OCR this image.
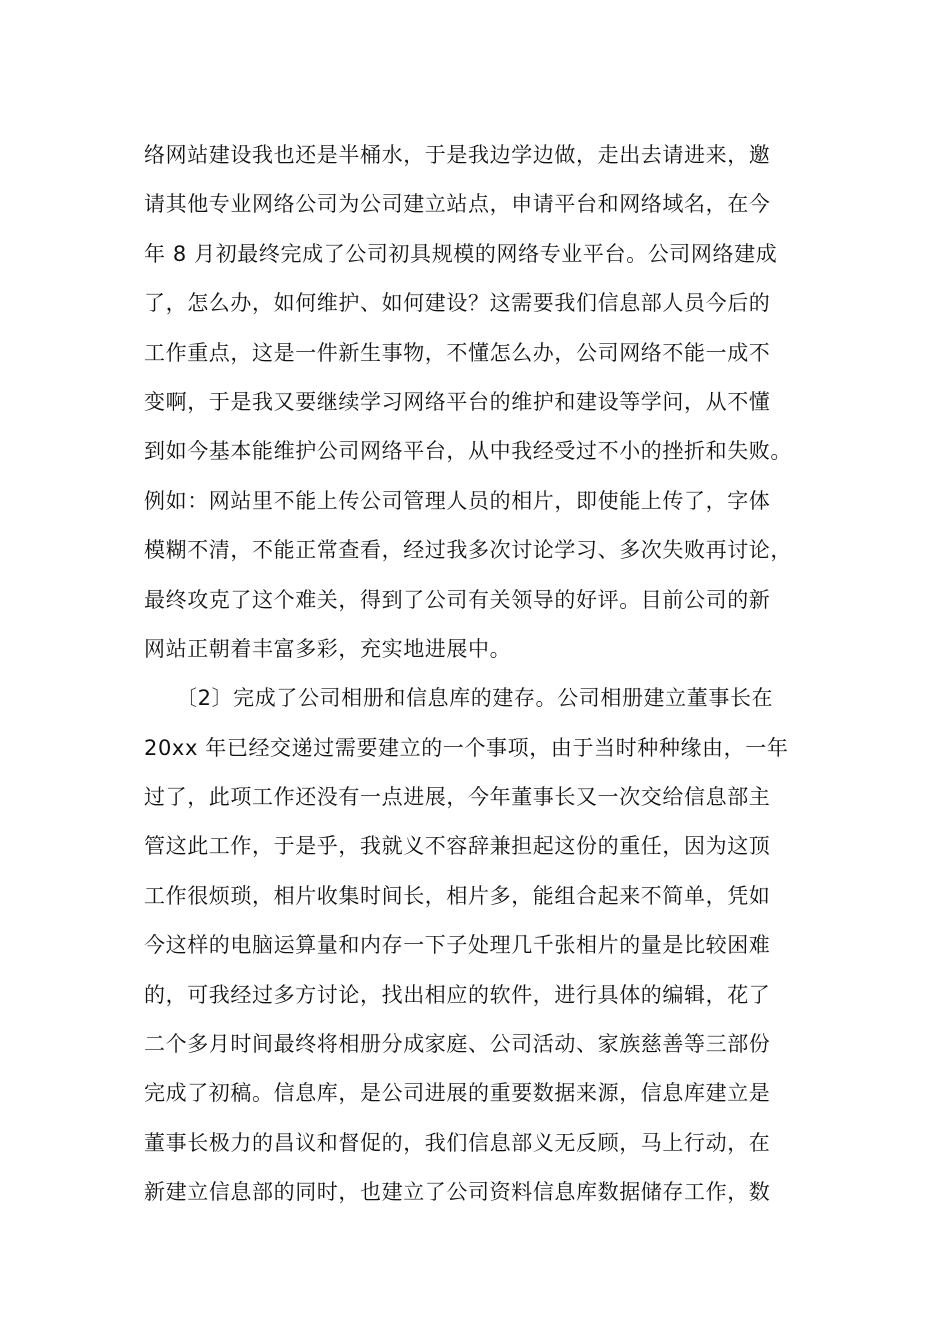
络网站建设我也还是半桶水，于是我边学边做，走出去请进来，邀
请其他专业网络公司为公司建立站点，申请平台和网络域名，在今
年 8 月初最终完成了公司初具规模的网络专业平台。公司网络建成
了，怎么办，如何维护、如何建设？这需要我们信息部人员今后的
工作重点，这是一件新生事物，不懂怎么办，公司网络不能一成不
变啊，于是我又要继续学习网络平台的维护和建设等学问，从不懂
到如今基本能维护公司网络平台，从中我经受过不小的挫折和失败。
例如：网站里不能上传公司管理人员的相片，即使能上传了，字体
模糊不清，不能正常查看，经过我多次讨论学习、多次失败再讨论，
最终攻克了这个难关，得到了公司有关领导的好评。目前公司的新
网站正朝着丰富多彩，充实地进展中。
〔2〕完成了公司相册和信息库的建存。公司相册建立董事长在
20xx 年已经交递过需要建立的一个事项，由于当时种种缘由，一年
过了，此项工作还没有一点进展，今年董事长又一次交给信息部主
管这此工作，于是乎，我就义不容辞兼担起这份的重任，因为这顶
工作很烦琐，相片收集时间长，相片多，能组合起来不简单，凭如
今这样的电脑运算量和内存一下子处理几千张相片的量是比较困难
的，可我经过多方讨论，找出相应的软件，进行具体的编辑，花了
二个多月时间最终将相册分成家庭、公司活动、家族慈善等三部份
完成了初稿。信息库，是公司进展的重要数据来源，信息库建立是
董事长极力的昌议和督促的，我们信息部义无反顾，马上行动，在
新建立信息部的同时，也建立了公司资料信息库数据储存工作，数
